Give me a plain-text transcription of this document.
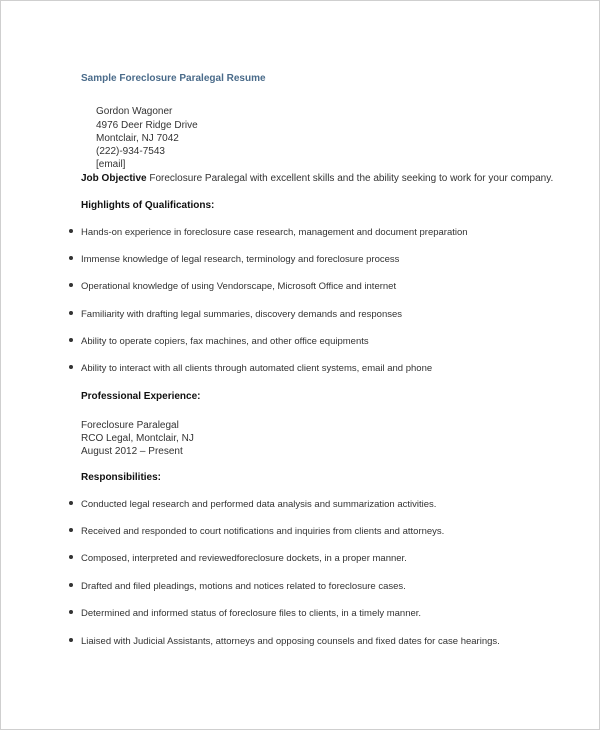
Sample Foreclosure Paralegal Resume
Gordon Wagoner
4976 Deer Ridge Drive
Montclair, NJ 7042
(222)-934-7543
[email]
Job Objective Foreclosure Paralegal with excellent skills and the ability seeking to work for your company.
Highlights of Qualifications:
Hands-on experience in foreclosure case research, management and document preparation
Immense knowledge of legal research, terminology and foreclosure process
Operational knowledge of using Vendorscape, Microsoft Office and internet
Familiarity with drafting legal summaries, discovery demands and responses
Ability to operate copiers, fax machines, and other office equipments
Ability to interact with all clients through automated client systems, email and phone
Professional Experience:
Foreclosure Paralegal
RCO Legal, Montclair, NJ
August 2012 – Present
Responsibilities:
Conducted legal research and performed data analysis and summarization activities.
Received and responded to court notifications and inquiries from clients and attorneys.
Composed, interpreted and reviewedforeclosure dockets, in a proper manner.
Drafted and filed pleadings, motions and notices related to foreclosure cases.
Determined and informed status of foreclosure files to clients, in a timely manner.
Liaised with Judicial Assistants, attorneys and opposing counsels and fixed dates for case hearings.
